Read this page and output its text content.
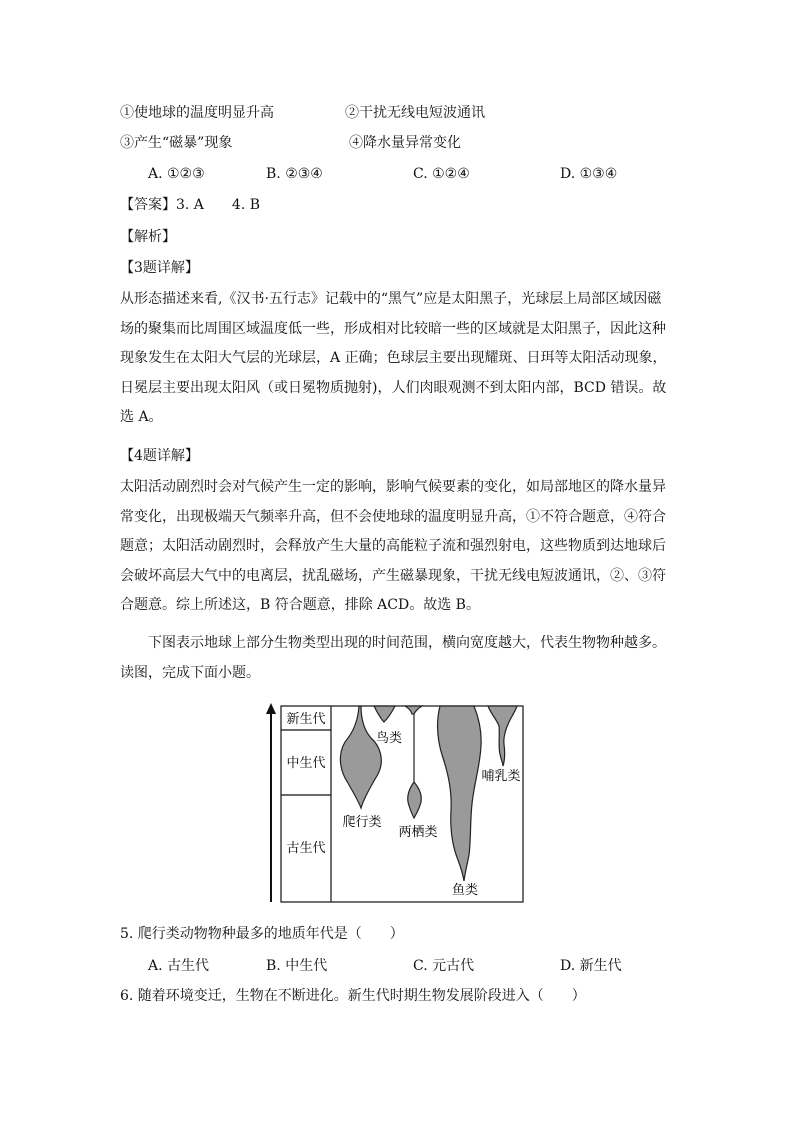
①使地球的温度明显升高	②干扰无线电短波通讯
③产生“磁暴”现象	④降水量异常变化
A. ①②③	B. ②③④	C. ①②④	D. ①③④
【答案】3. A　　4. B
【解析】
【3题详解】
从形态描述来看,《汉书·五行志》记载中的“黑气”应是太阳黑子，光球层上局部区域因磁场的聚集而比周围区域温度低一些，形成相对比较暗一些的区域就是太阳黑子，因此这种现象发生在太阳大气层的光球层，A 正确；色球层主要出现耀斑、日珥等太阳活动现象，日冕层主要出现太阳风（或日冕物质抛射)，人们肉眼观测不到太阳内部，BCD 错误。故选 A。
【4题详解】
太阳活动剧烈时会对气候产生一定的影响，影响气候要素的变化，如局部地区的降水量异常变化，出现极端天气频率升高，但不会使地球的温度明显升高，①不符合题意，④符合题意；太阳活动剧烈时，会释放产生大量的高能粒子流和强烈射电，这些物质到达地球后会破坏高层大气中的电离层，扰乱磁场，产生磁暴现象，干扰无线电短波通讯，②、③符合题意。综上所述这，B 符合题意，排除 ACD。故选 B。
下图表示地球上部分生物类型出现的时间范围，横向宽度越大，代表生物物种越多。读图，完成下面小题。
新生代
中生代
古生代
鸟类
哺乳类
爬行类
两栖类
鱼类
5. 爬行类动物物种最多的地质年代是（　　）
A. 古生代	B. 中生代	C. 元古代	D. 新生代
6. 随着环境变迁，生物在不断进化。新生代时期生物发展阶段进入（　　）
